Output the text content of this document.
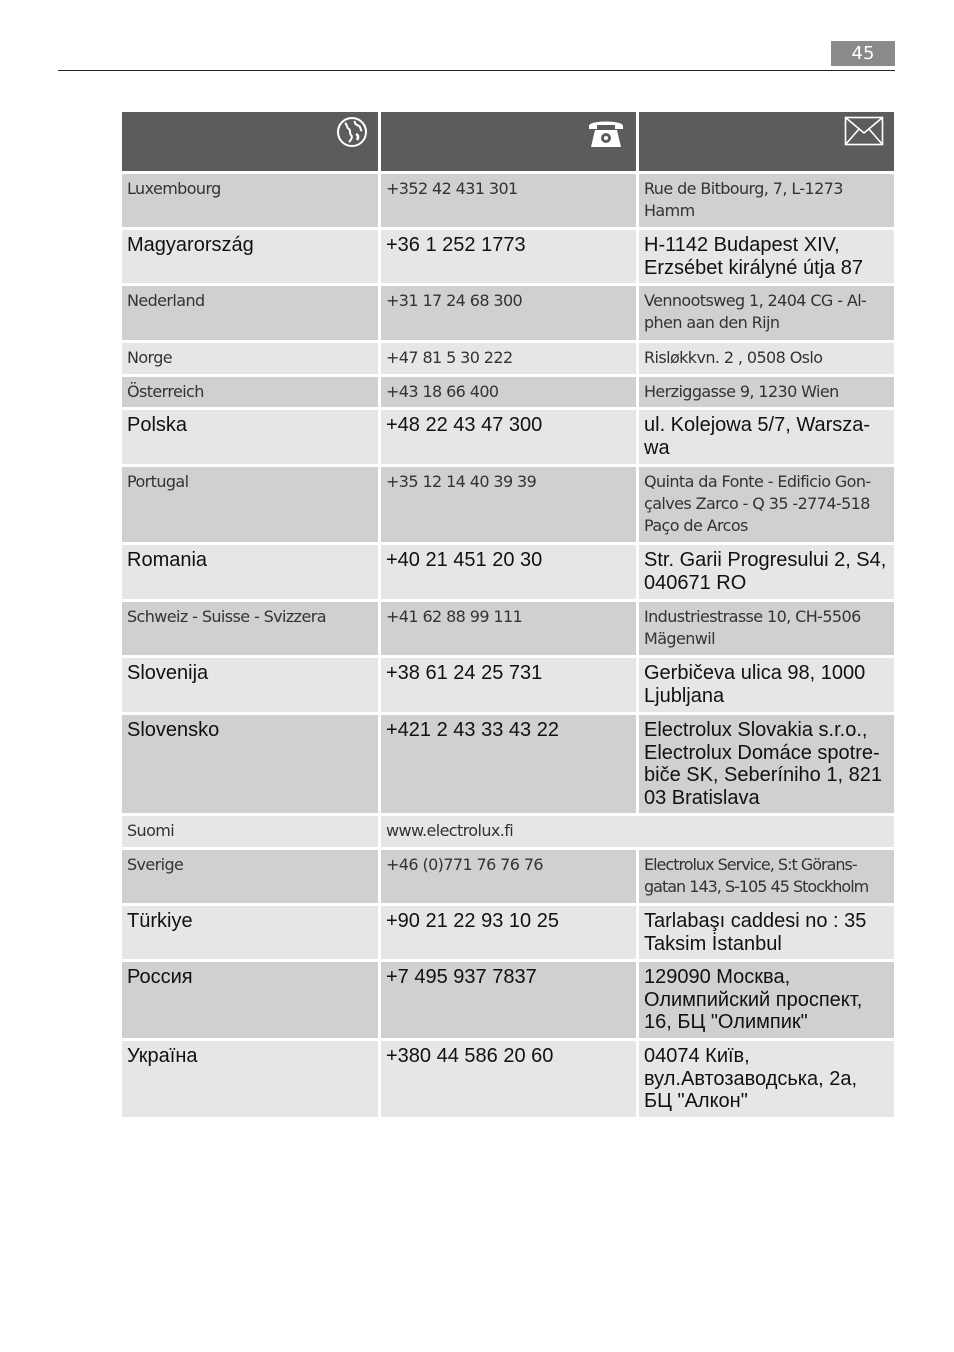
45
Luxembourg	+352 42 431 301	Rue de Bitbourg, 7, L-1273 Hamm
Magyarország	+36 1 252 1773	H-1142 Budapest XIV, Erzsébet királyné útja 87
Nederland	+31 17 24 68 300	Vennootsweg 1, 2404 CG - Al-phen aan den Rijn
Norge	+47 81 5 30 222	Risløkkvn. 2 , 0508 Oslo
Österreich	+43 18 66 400	Herziggasse 9, 1230 Wien
Polska	+48 22 43 47 300	ul. Kolejowa 5/7, Warsza-wa
Portugal	+35 12 14 40 39 39	Quinta da Fonte - Edificio Gon-çalves Zarco - Q 35 -2774-518 Paço de Arcos
Romania	+40 21 451 20 30	Str. Garii Progresului 2, S4, 040671 RO
Schweiz - Suisse - Svizzera	+41 62 88 99 111	Industriestrasse 10, CH-5506 Mägenwil
Slovenija	+38 61 24 25 731	Gerbičeva ulica 98, 1000 Ljubljana
Slovensko	+421 2 43 33 43 22	Electrolux Slovakia s.r.o., Electrolux Domáce spotre-biče SK, Seberíniho 1, 821 03 Bratislava
Suomi	www.electrolux.fi
Sverige	+46 (0)771 76 76 76	Electrolux Service, S:t Görans-gatan 143, S-105 45 Stockholm
Türkiye	+90 21 22 93 10 25	Tarlabaşı caddesi no : 35 Taksim İstanbul
Россия	+7 495 937 7837	129090 Москва, Олимпийский проспект, 16, БЦ "Олимпик"
Україна	+380 44 586 20 60	04074 Київ, вул.Автозаводська, 2а, БЦ "Алкон"
